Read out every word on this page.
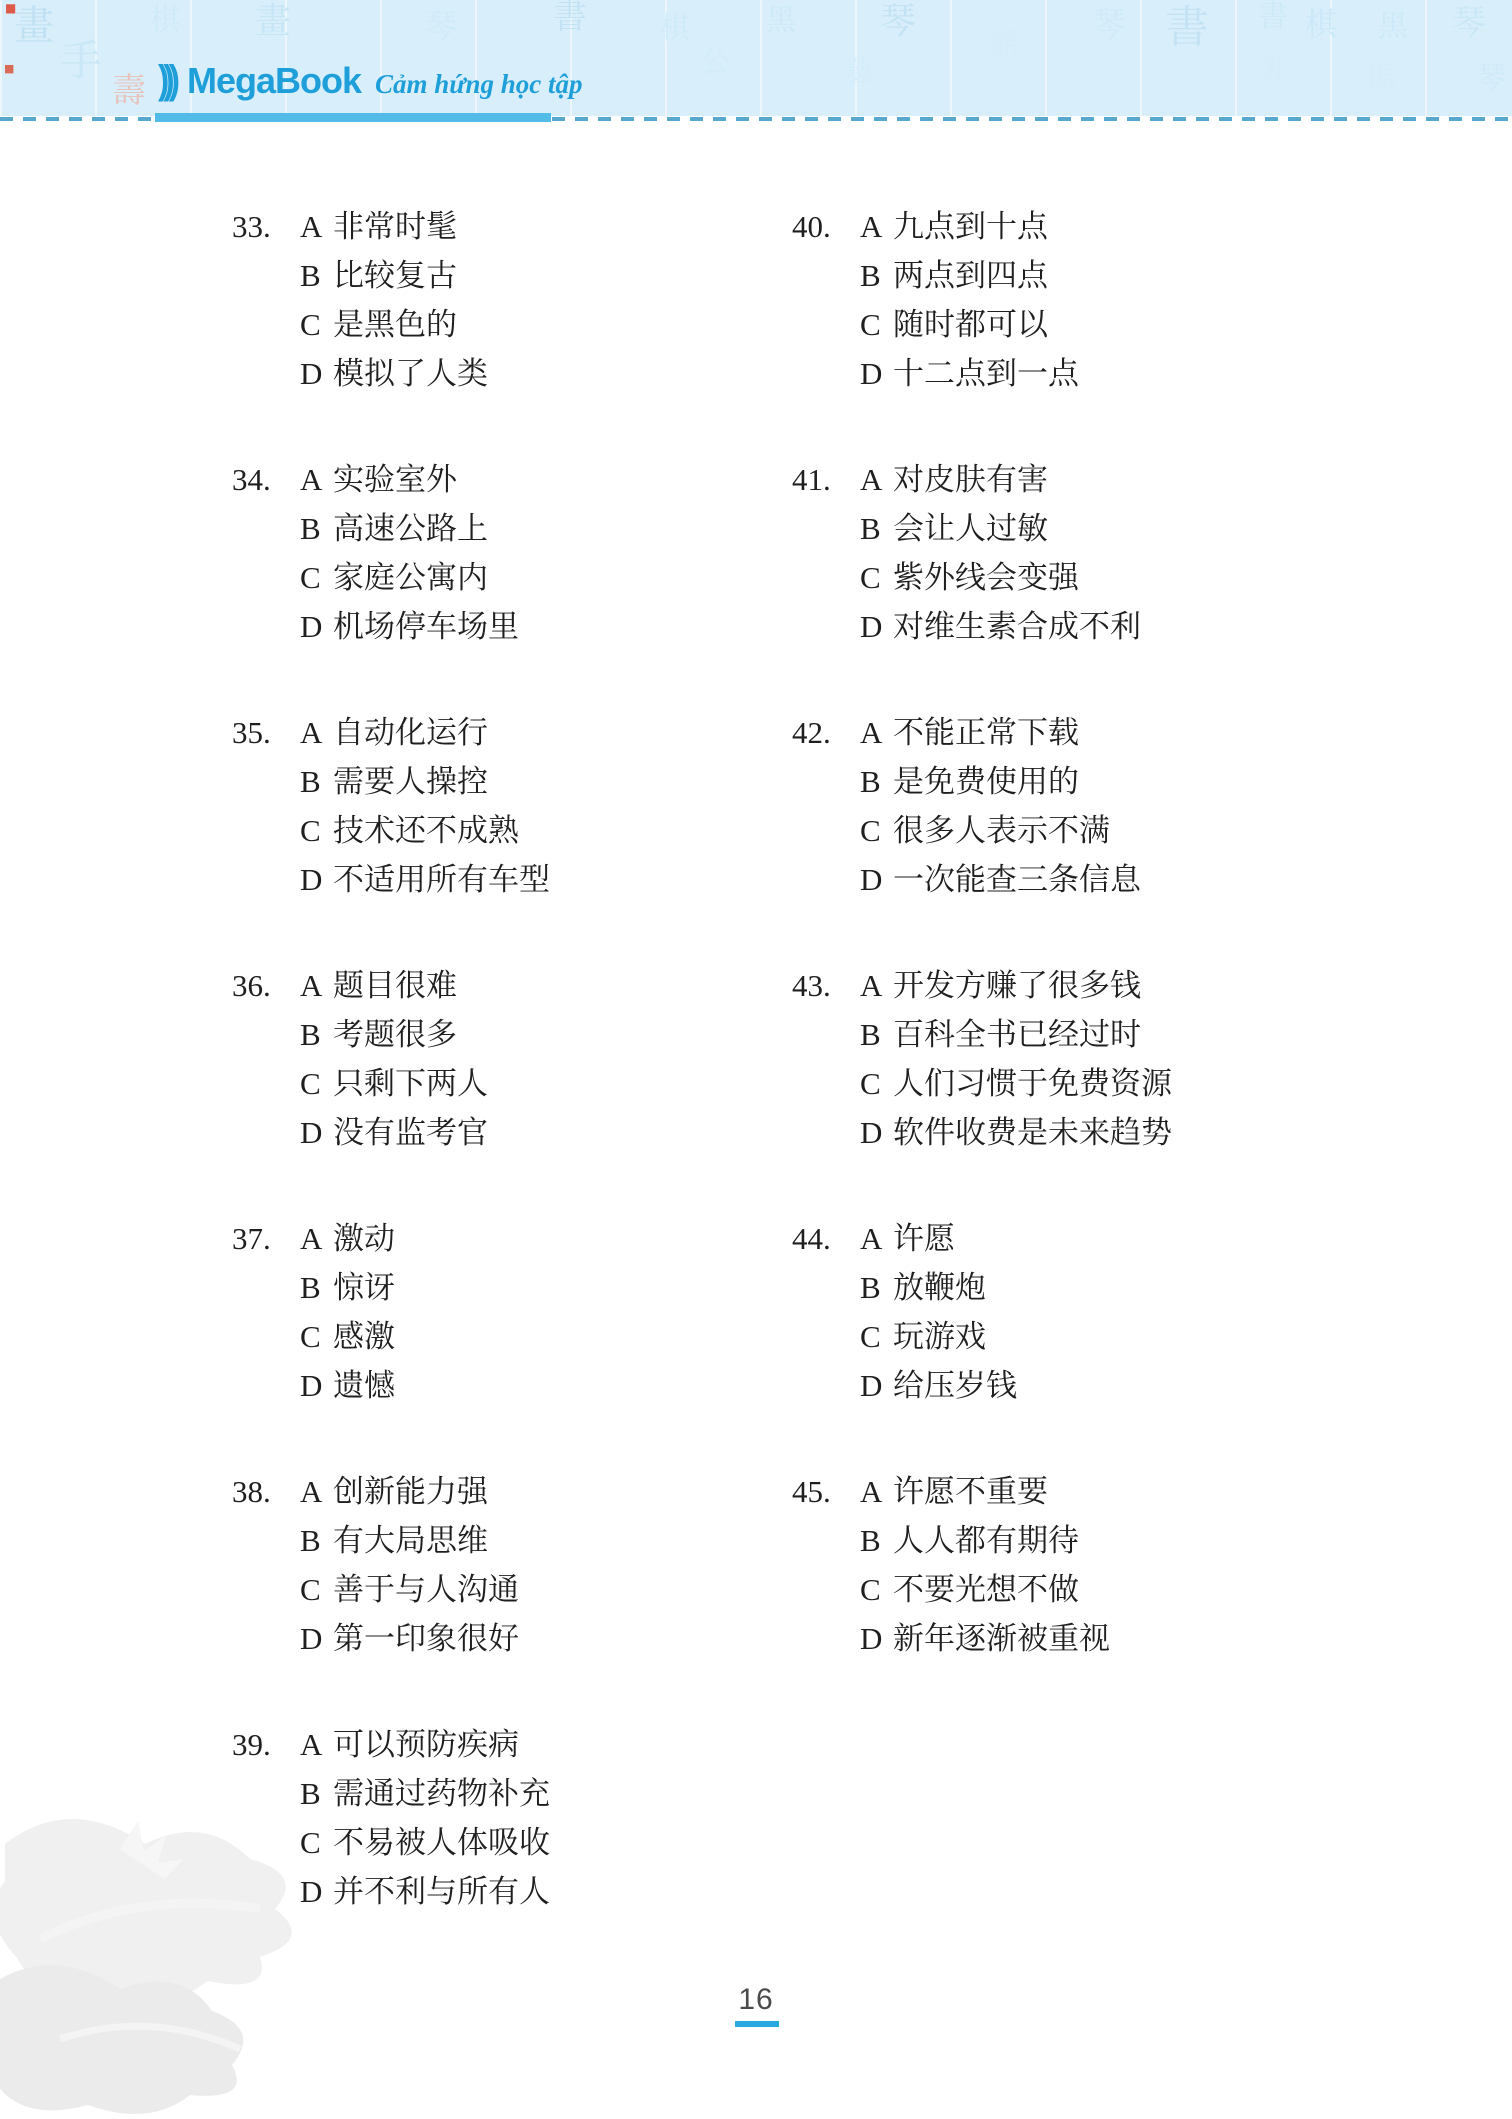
■
■
畫
壽
手
棋 畫	琴	書 棋	黑
公
琴
藝
熊 琴 書 書 棋 黑 琴
書	熊	琴
))) MegaBook Cảm hứng học tập
33. A 非常时髦
B 比较复古
C 是黑色的
D 模拟了人类
34. A 实验室外
B 高速公路上
C 家庭公寓内
D 机场停车场里
35. A 自动化运行
B 需要人操控
C 技术还不成熟
D 不适用所有车型
36. A 题目很难
B 考题很多
C 只剩下两人
D 没有监考官
37. A 激动
B 惊讶
C 感激
D 遗憾
38. A 创新能力强
B 有大局思维
C 善于与人沟通
D 第一印象很好
39. A 可以预防疾病
B 需通过药物补充
C 不易被人体吸收
D 并不利与所有人
40. A 九点到十点
B 两点到四点
C 随时都可以
D 十二点到一点
41. A 对皮肤有害
B 会让人过敏
C 紫外线会变强
D 对维生素合成不利
42. A 不能正常下载
B 是免费使用的
C 很多人表示不满
D 一次能查三条信息
43. A 开发方赚了很多钱
B 百科全书已经过时
C 人们习惯于免费资源
D 软件收费是未来趋势
44. A 许愿
B 放鞭炮
C 玩游戏
D 给压岁钱
45. A 许愿不重要
B 人人都有期待
C 不要光想不做
D 新年逐渐被重视
16
